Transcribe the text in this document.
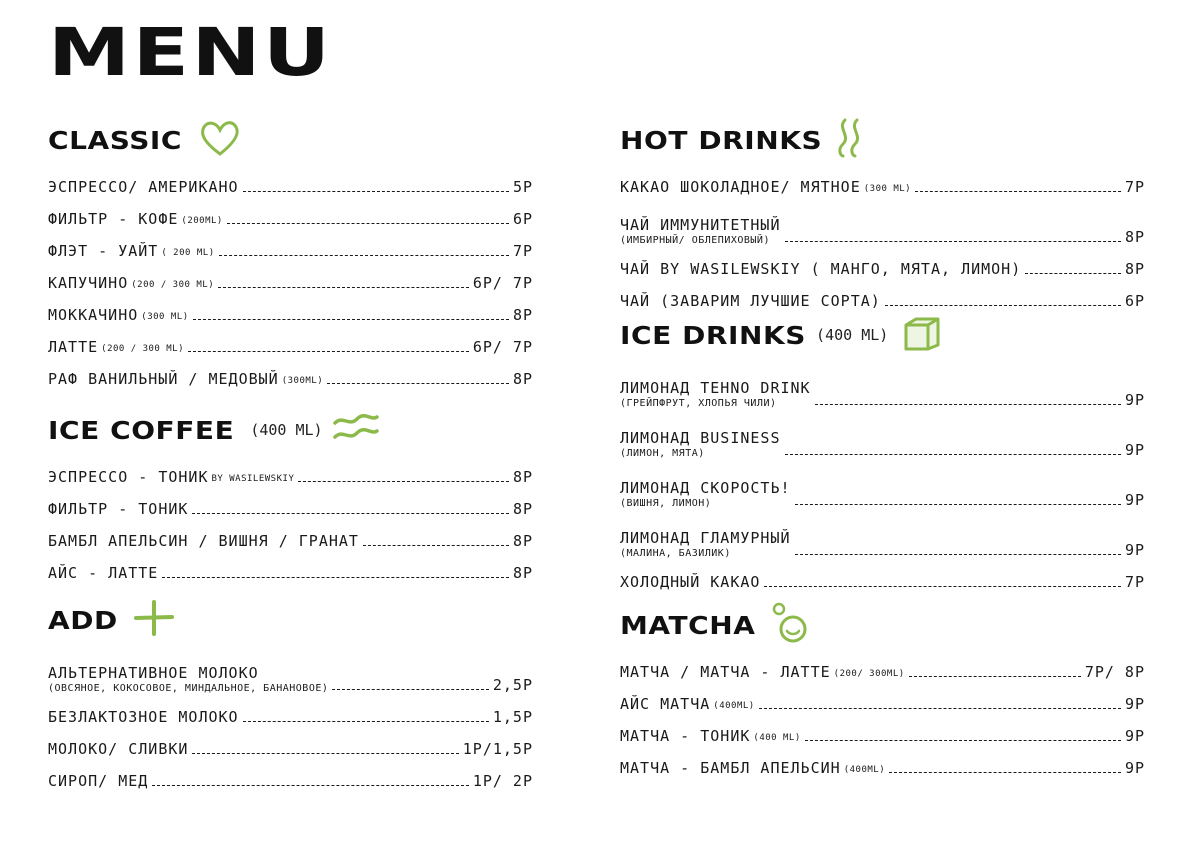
MENU
CLASSIC
ЭСПРЕССО/ АМЕРИКАНО	5Р
ФИЛЬТР - КОФЕ (200ML)	6Р
ФЛЭТ - УАЙТ ( 200 ML)	7Р
КАПУЧИНО (200 / 300 ML)	6Р/ 7Р
МОККАЧИНО (300 ML)	8Р
ЛАТТЕ (200 / 300 ML)	6Р/ 7Р
РАФ ВАНИЛЬНЫЙ / МЕДОВЫЙ (300ML)	8Р
ICE COFFEE (400 ML)
ЭСПРЕССО - ТОНИК BY WASILEWSKIY	8Р
ФИЛЬТР - ТОНИК	8Р
БАМБЛ АПЕЛЬСИН / ВИШНЯ / ГРАНАТ	8Р
АЙС - ЛАТТЕ	8Р
ADD
АЛЬТЕРНАТИВНОЕ МОЛОКО
(ОВСЯНОЕ, КОКОСОВОЕ, МИНДАЛЬНОЕ, БАНАНОВОЕ)	2,5Р
БЕЗЛАКТОЗНОЕ МОЛОКО	1,5Р
МОЛОКО/ СЛИВКИ	1Р/1,5Р
СИРОП/ МЕД	1Р/ 2Р
HOT DRINKS
КАКАО ШОКОЛАДНОЕ/ МЯТНОЕ (300 ML)	7Р
ЧАЙ ИММУНИТЕТНЫЙ
(ИМБИРНЫЙ/ ОБЛЕПИХОВЫЙ)	8Р
ЧАЙ BY WASILEWSKIY ( МАНГО, МЯТА, ЛИМОН)	8Р
ЧАЙ (ЗАВАРИМ ЛУЧШИЕ СОРТА)	6Р
ICE DRINKS (400 ML)
ЛИМОНАД TEHNO DRINK
(ГРЕЙПФРУТ, ХЛОПЬЯ ЧИЛИ)	9Р
ЛИМОНАД BUSINESS
(ЛИМОН, МЯТА)	9Р
ЛИМОНАД СКОРОСТЬ!
(ВИШНЯ, ЛИМОН)	9Р
ЛИМОНАД ГЛАМУРНЫЙ
(МАЛИНА, БАЗИЛИК)	9Р
ХОЛОДНЫЙ КАКАО	7Р
MATCHA
МАТЧА / МАТЧА - ЛАТТЕ (200/ 300ML)	7Р/ 8Р
АЙС МАТЧА (400ML)	9Р
МАТЧА - ТОНИК (400 ML)	9Р
МАТЧА - БАМБЛ АПЕЛЬСИН (400ML)	9Р
